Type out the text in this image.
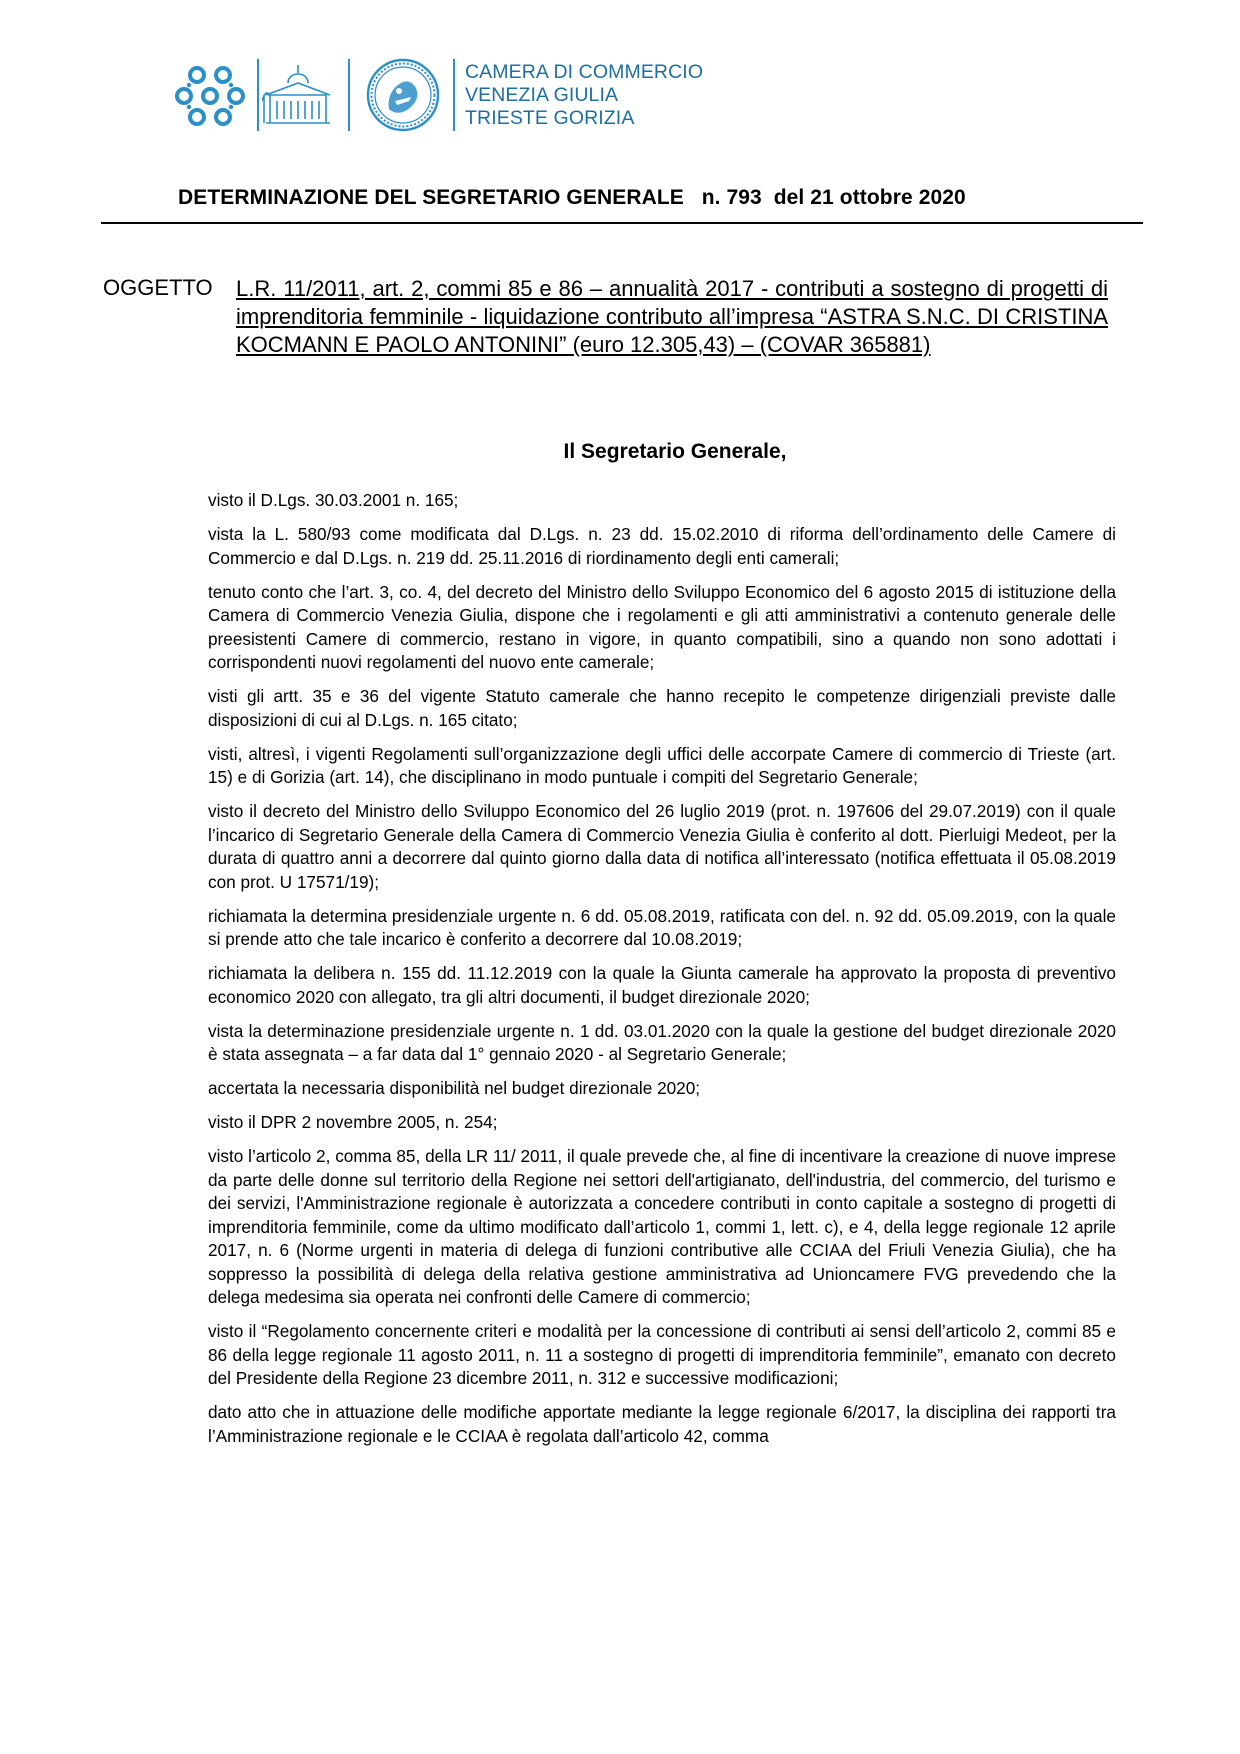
CAMERA DI COMMERCIO
VENEZIA GIULIA
TRIESTE GORIZIA
DETERMINAZIONE DEL SEGRETARIO GENERALE   n. 793  del 21 ottobre 2020
OGGETTO L.R. 11/2011, art. 2, commi 85 e 86 – annualità 2017 - contributi a sostegno di progetti di imprenditoria femminile - liquidazione contributo all’impresa “ASTRA S.N.C. DI CRISTINA KOCMANN E PAOLO ANTONINI” (euro 12.305,43) – (COVAR 365881)
Il Segretario Generale,

visto il D.Lgs. 30.03.2001 n. 165;

vista la L. 580/93 come modificata dal D.Lgs. n. 23 dd. 15.02.2010 di riforma dell’ordinamento delle Camere di Commercio e dal D.Lgs. n. 219 dd. 25.11.2016 di riordinamento degli enti camerali;

tenuto conto che l’art. 3, co. 4, del decreto del Ministro dello Sviluppo Economico del 6 agosto 2015 di istituzione della Camera di Commercio Venezia Giulia, dispone che i regolamenti e gli atti amministrativi a contenuto generale delle preesistenti Camere di commercio, restano in vigore, in quanto compatibili, sino a quando non sono adottati i corrispondenti nuovi regolamenti del nuovo ente camerale;

visti gli artt. 35 e 36 del vigente Statuto camerale che hanno recepito le competenze dirigenziali previste dalle disposizioni di cui al D.Lgs. n. 165 citato;

visti, altresì, i vigenti Regolamenti sull’organizzazione degli uffici delle accorpate Camere di commercio di Trieste (art. 15) e di Gorizia (art. 14), che disciplinano in modo puntuale i compiti del Segretario Generale;

visto il decreto del Ministro dello Sviluppo Economico del 26 luglio 2019 (prot. n. 197606 del 29.07.2019) con il quale l’incarico di Segretario Generale della Camera di Commercio Venezia Giulia è conferito al dott. Pierluigi Medeot, per la durata di quattro anni a decorrere dal quinto giorno dalla data di notifica all’interessato (notifica effettuata il 05.08.2019 con prot. U 17571/19);

richiamata la determina presidenziale urgente n. 6 dd. 05.08.2019, ratificata con del. n. 92 dd. 05.09.2019, con la quale si prende atto che tale incarico è conferito a decorrere dal 10.08.2019;

richiamata la delibera n. 155 dd. 11.12.2019 con la quale la Giunta camerale ha approvato la proposta di preventivo economico 2020 con allegato, tra gli altri documenti, il budget direzionale 2020;

vista la determinazione presidenziale urgente n. 1 dd. 03.01.2020 con la quale la gestione del budget direzionale 2020 è stata assegnata – a far data dal 1° gennaio 2020 - al Segretario Generale;

accertata la necessaria disponibilità nel budget direzionale 2020;

visto il DPR 2 novembre 2005, n. 254;

visto l’articolo 2, comma 85, della LR 11/ 2011, il quale prevede che, al fine di incentivare la creazione di nuove imprese da parte delle donne sul territorio della Regione nei settori dell'artigianato, dell'industria, del commercio, del turismo e dei servizi, l'Amministrazione regionale è autorizzata a concedere contributi in conto capitale a sostegno di progetti di imprenditoria femminile, come da ultimo modificato dall’articolo 1, commi 1, lett. c), e 4, della legge regionale 12 aprile 2017, n. 6 (Norme urgenti in materia di delega di funzioni contributive alle CCIAA del Friuli Venezia Giulia), che ha soppresso la possibilità di delega della relativa gestione amministrativa ad Unioncamere FVG prevedendo che la delega medesima sia operata nei confronti delle Camere di commercio;

visto il “Regolamento concernente criteri e modalità per la concessione di contributi ai sensi dell’articolo 2, commi 85 e 86 della legge regionale 11 agosto 2011, n. 11 a sostegno di progetti di imprenditoria femminile”, emanato con decreto del Presidente della Regione 23 dicembre 2011, n. 312 e successive modificazioni;

dato atto che in attuazione delle modifiche apportate mediante la legge regionale 6/2017, la disciplina dei rapporti tra l’Amministrazione regionale e le CCIAA è regolata dall’articolo 42, comma
